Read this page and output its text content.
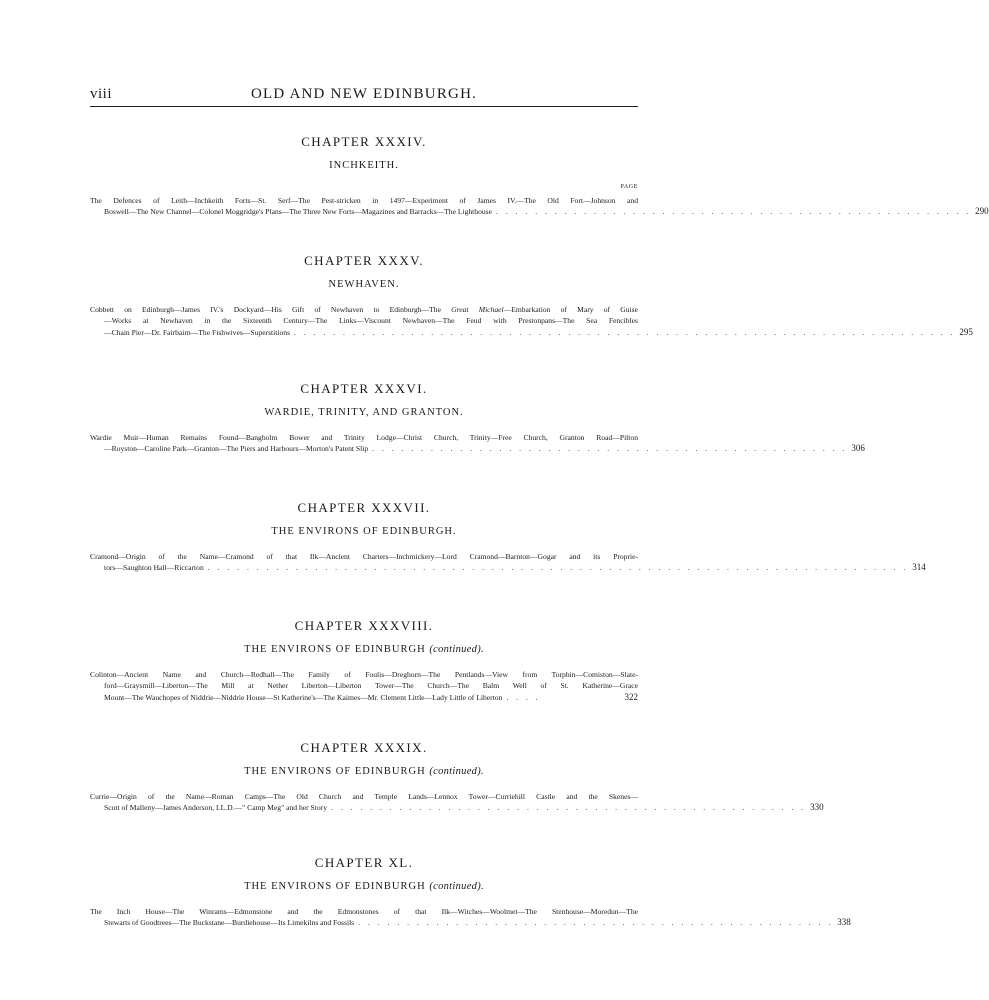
viii	OLD AND NEW EDINBURGH.
CHAPTER XXXIV.
INCHKEITH.
PAGE
The Defences of Leith—Inchkeith Forts—St. Serf—The Pest-stricken in 1497—Experiment of James IV.—The Old Fort—Johnson and
Boswell—The New Channel—Colonel Moggridge's Plans—The Three New Forts—Magazines and Barracks—The Lighthouse . . . . . . . . . . . . . . . . . . . . . . . . . . . . . . . . . . . . . . . . . . . . . . . . . 290
CHAPTER XXXV.
NEWHAVEN.
Cobbett on Edinburgh—James IV.'s Dockyard—His Gift of Newhaven to Edinburgh—The Great Michael—Embarkation of Mary of Guise
—Works at Newhaven in the Sixteenth Century—The Links—Viscount Newhaven—The Feud with Prestonpans—The Sea Fencibles
—Chain Pier—Dr. Fairbairn—The Fishwives—Superstitions . . . . . . . . . . . . . . . . . . . . . . . . . . . . . . . . . . . . . . . . . . . . . . . . . . . . . . . . . . . . . . . . . . . . 295
CHAPTER XXXVI.
WARDIE, TRINITY, AND GRANTON.
Wardie Muir—Human Remains Found—Bangholm Bower and Trinity Lodge—Christ Church, Trinity—Free Church, Granton Road—Pilton
—Royston—Caroline Park—Granton—The Piers and Harbours—Morton's Patent Slip . . . . . . . . . . . . . . . . . . . . . . . . . . . . . . . . . . . . . . . . . . . . . . . . . 306
CHAPTER XXXVII.
THE ENVIRONS OF EDINBURGH.
Cramond—Origin of the Name—Cramond of that Ilk—Ancient Charters—Inchmickery—Lord Cramond—Barnton—Gogar and its Proprie-
tors—Saughton Hall—Riccarton . . . . . . . . . . . . . . . . . . . . . . . . . . . . . . . . . . . . . . . . . . . . . . . . . . . . . . . . . . . . . . . . . . . . . . . . 314
CHAPTER XXXVIII.
THE ENVIRONS OF EDINBURGH (continued).
Colinton—Ancient Name and Church—Redhall—The Family of Foulis—Dreghorn—The Pentlands—View from Torphin—Comiston—Slate-
ford—Graysmill—Liberton—The Mill at Nether Liberton—Liberton Tower—The Church—The Balm Well of St. Katherine—Grace
Mount—The Wauchopes of Niddrie—Niddrie House—St Katherine's—The Kaimes—Mr. Clement Little—Lady Little of Liberton . . . .	322
CHAPTER XXXIX.
THE ENVIRONS OF EDINBURGH (continued).
Currie—Origin of the Name—Roman Camps—The Old Church and Temple Lands—Lennox Tower—Curriehill Castle and the Skenes—
Scott of Malleny—James Anderson, LL.D.—" Camp Meg" and her Story . . . . . . . . . . . . . . . . . . . . . . . . . . . . . . . . . . . . . . . . . . . . . . . . . 330
CHAPTER XL.
THE ENVIRONS OF EDINBURGH (continued).
The Inch House—The Winrams—Edmonstone and the Edmonstones of that Ilk—Witches—Woolmet—The Stenhouse—Moredun—The
Stewarts of Goodtrees—The Buckstane—Burdiehouse—Its Limekilns and Fossils . . . . . . . . . . . . . . . . . . . . . . . . . . . . . . . . . . . . . . . . . . . . . . . . . 338
